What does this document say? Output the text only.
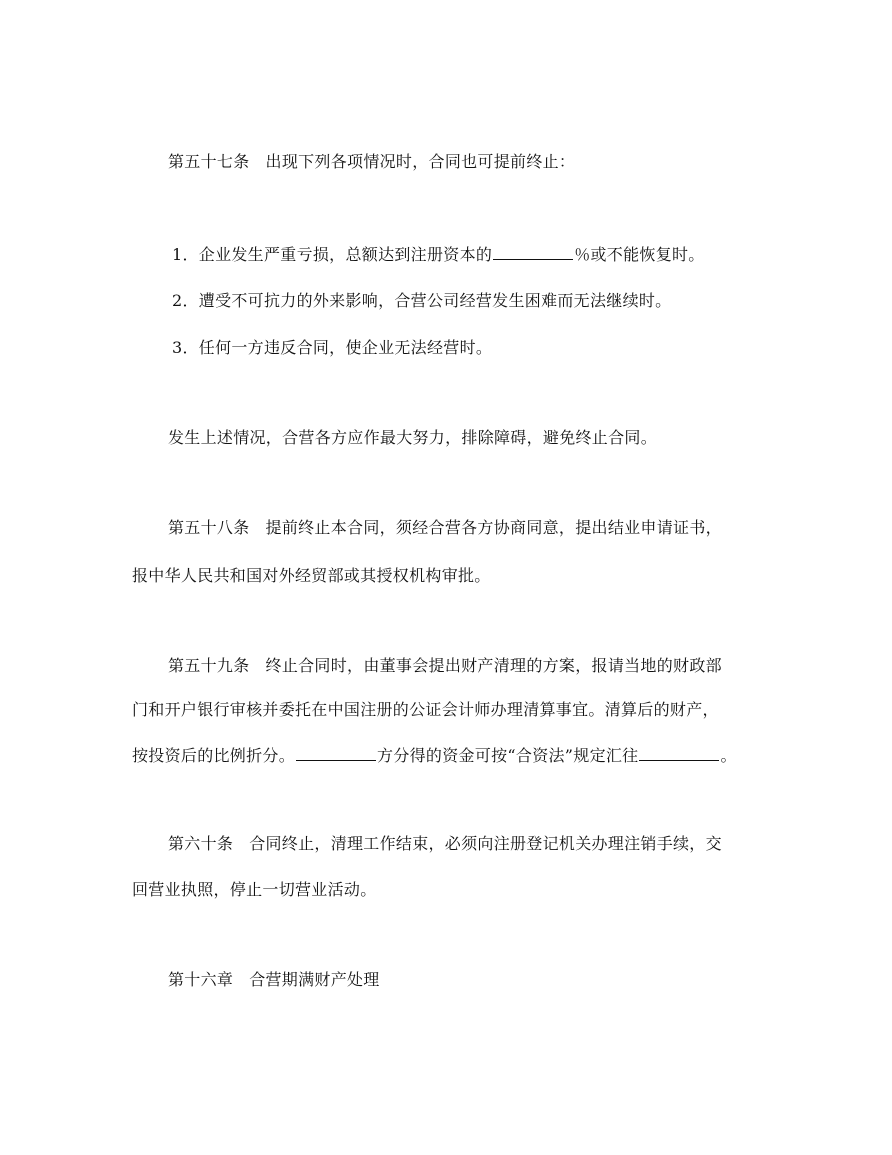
第五十七条 出现下列各项情况时，合同也可提前终止：
1．企业发生严重亏损，总额达到注册资本的	％或不能恢复时。
2．遭受不可抗力的外来影响，合营公司经营发生困难而无法继续时。
3．任何一方违反合同，使企业无法经营时。
发生上述情况，合营各方应作最大努力，排除障碍，避免终止合同。
第五十八条 提前终止本合同，须经合营各方协商同意，提出结业申请证书，
报中华人民共和国对外经贸部或其授权机构审批。
第五十九条 终止合同时，由董事会提出财产清理的方案，报请当地的财政部
门和开户银行审核并委托在中国注册的公证会计师办理清算事宜。清算后的财产，
按投资后的比例折分。	方分得的资金可按“合资法”规定汇往	。
第六十条 合同终止，清理工作结束，必须向注册登记机关办理注销手续，交
回营业执照，停止一切营业活动。
第十六章 合营期满财产处理
